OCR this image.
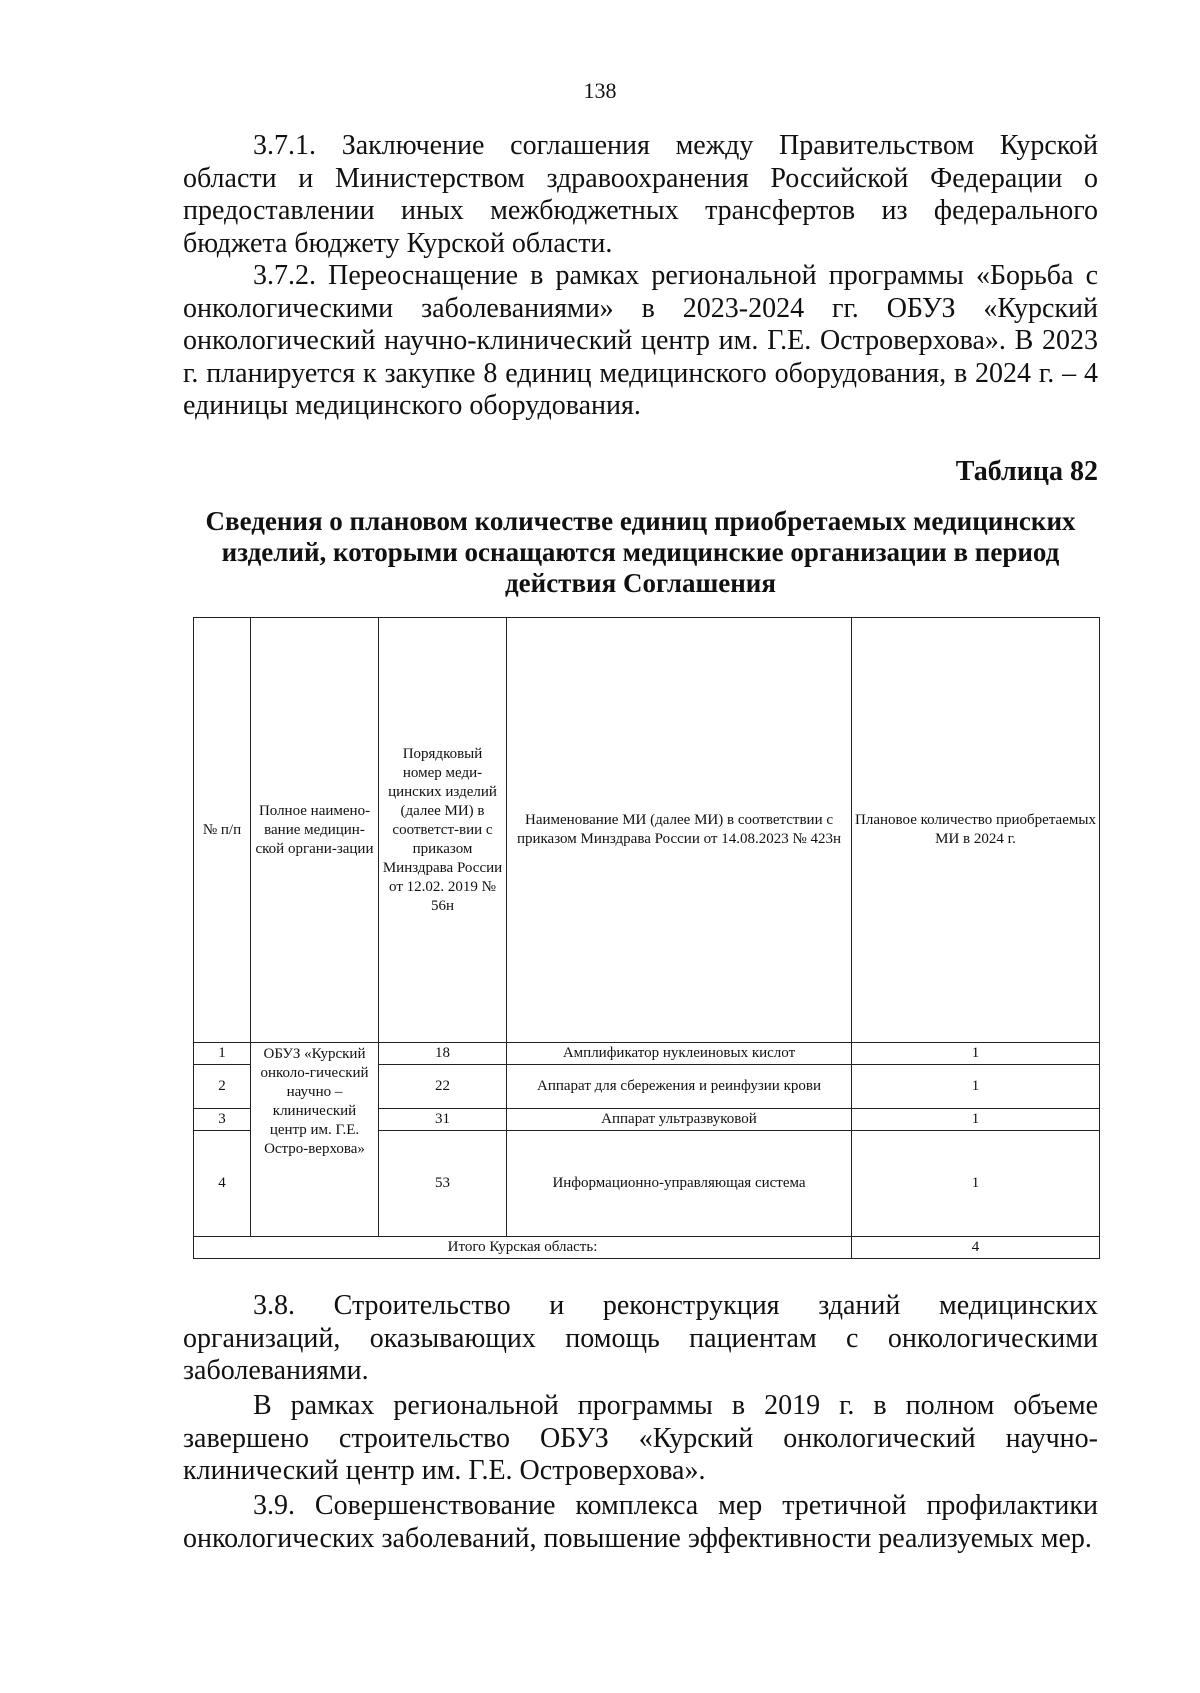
138

3.7.1. Заключение соглашения между Правительством Курской области и Министерством здравоохранения Российской Федерации о предоставлении иных межбюджетных трансфертов из федерального бюджета бюджету Курской области.

3.7.2. Переоснащение в рамках региональной программы «Борьба с онкологическими заболеваниями» в 2023-2024 гг. ОБУЗ «Курский онкологический научно-клинический центр им. Г.Е. Островерхова». В 2023 г. планируется к закупке 8 единиц медицинского оборудования, в 2024 г. – 4 единицы медицинского оборудования.

Таблица 82
Сведения о плановом количестве единиц приобретаемых медицинских изделий, которыми оснащаются медицинские организации в период действия Соглашения
№ п/п	Полное наимено-вание медицин-ской органи-зации	Порядковый номер меди-цинских изделий (далее МИ) в соответст-вии с приказом Минздрава России от 12.02. 2019 № 56н	Наименование МИ (далее МИ) в соответствии с приказом Минздрава России от 14.08.2023 № 423н	Плановое количество приобретаемых МИ в 2024 г.
1	ОБУЗ «Курский онколо-гический научно – клинический центр им. Г.Е. Остро-верхова»	18	Амплификатор нуклеиновых кислот	1
2		22	Аппарат для сбережения и реинфузии крови	1
3		31	Аппарат ультразвуковой	1
4		53	Информационно-управляющая система	1
Итого Курская область:				4

3.8. Строительство и реконструкция зданий медицинских организаций, оказывающих помощь пациентам с онкологическими заболеваниями.

В рамках региональной программы в 2019 г. в полном объеме завершено строительство ОБУЗ «Курский онкологический научно-клинический центр им. Г.Е. Островерхова».

3.9. Совершенствование комплекса мер третичной профилактики онкологических заболеваний, повышение эффективности реализуемых мер.
